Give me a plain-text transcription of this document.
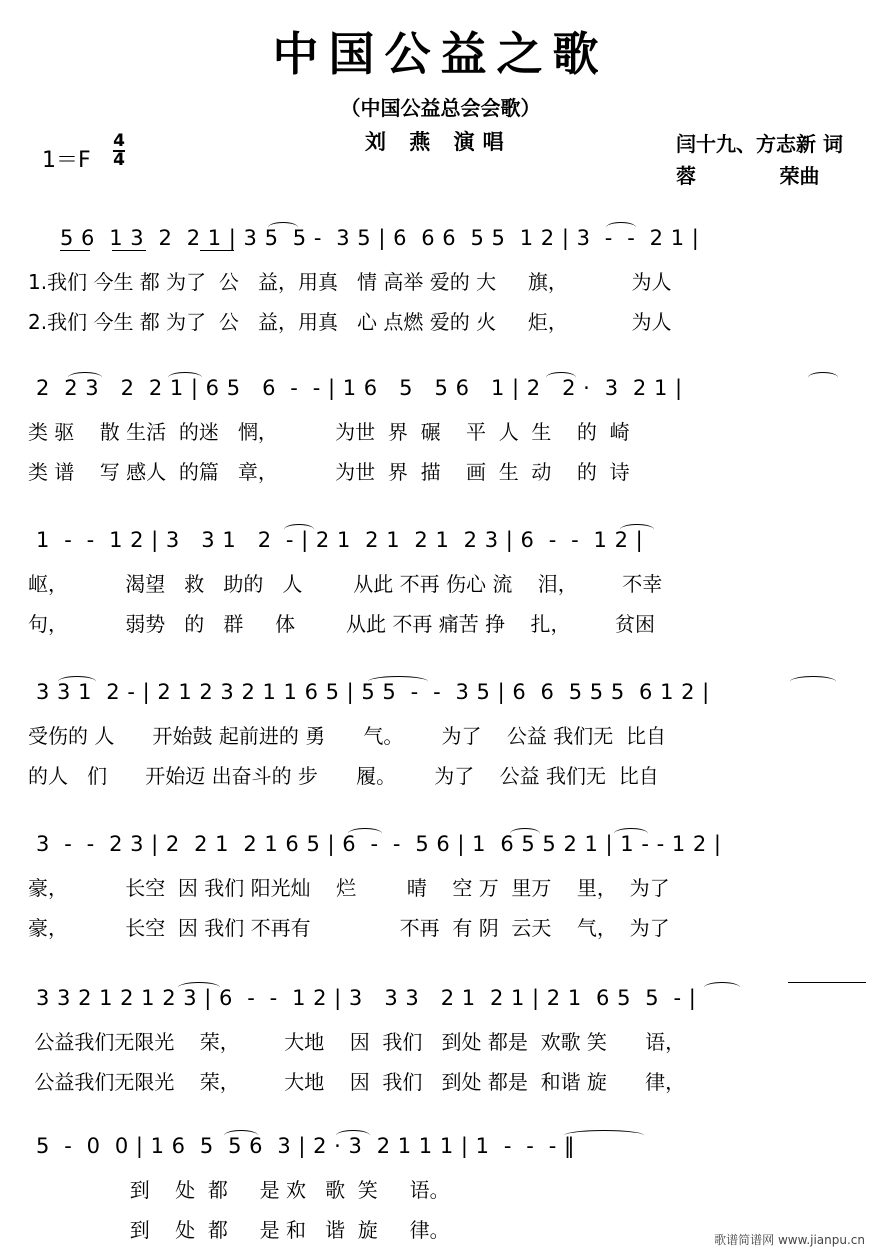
中国公益之歌
（中国公益总会会歌）
刘 燕 演唱
1＝F
4
4
闫十九、方志新 词
蓉            荣曲
5 6  1 3  2  2 1 | 3 5  5 -  3 5 | 6  6 6  5 5  1 2 | 3  -  -  2 1 |
1.我们 今生 都 为了  公   益，用真   情 高举 爱的 大     旗，          为人
2.我们 今生 都 为了  公   益，用真   心 点燃 爱的 火     炬，          为人
2  2 3   2  2 1 | 6 5   6  -  - | 1 6   5   5 6   1 | 2   2 ·  3  2 1 |
类 驱    散 生活  的迷   惘，         为世  界  碾    平  人  生    的  崎
类 谱    写 感人  的篇   章，         为世  界  描    画  生  动    的  诗
1  -  -  1 2 | 3   3 1   2  - | 2 1  2 1  2 1  2 3 | 6  -  -  1 2 |
岖，         渴望   救   助的   人        从此 不再 伤心 流    泪，       不幸
句，         弱势   的   群     体        从此 不再 痛苦 挣    扎，       贫困
3 3 1  2 - | 2 1 2 3 2 1 1 6 5 | 5 5  -  -  3 5 | 6  6  5 5 5  6 1 2 |
受伤的 人      开始鼓 起前进的 勇      气。      为了    公益 我们无  比自
的人   们      开始迈 出奋斗的 步      履。      为了    公益 我们无  比自
3  -  -  2 3 | 2  2 1  2 1 6 5 | 6  -  -  5 6 | 1  6 5 5 2 1 | 1 - - 1 2 |
豪，         长空  因 我们 阳光灿    烂        晴    空 万  里万    里，  为了
豪，         长空  因 我们 不再有              不再  有 阴  云天    气，  为了
3 3 2 1 2 1 2 3 | 6  -  -  1 2 | 3   3 3   2 1  2 1 | 2 1  6 5  5  - |
公益我们无限光    荣，       大地    因  我们   到处 都是  欢歌 笑      语，
公益我们无限光    荣，       大地    因  我们   到处 都是  和谐 旋      律，
5  -  0  0 | 1 6  5  5 6  3 | 2 · 3  2 1 1 1 | 1  -  -  - ‖
到    处  都     是 欢   歌  笑     语。
到    处  都     是 和   谐  旋     律。	歌谱简谱网 www.jianpu.cn
